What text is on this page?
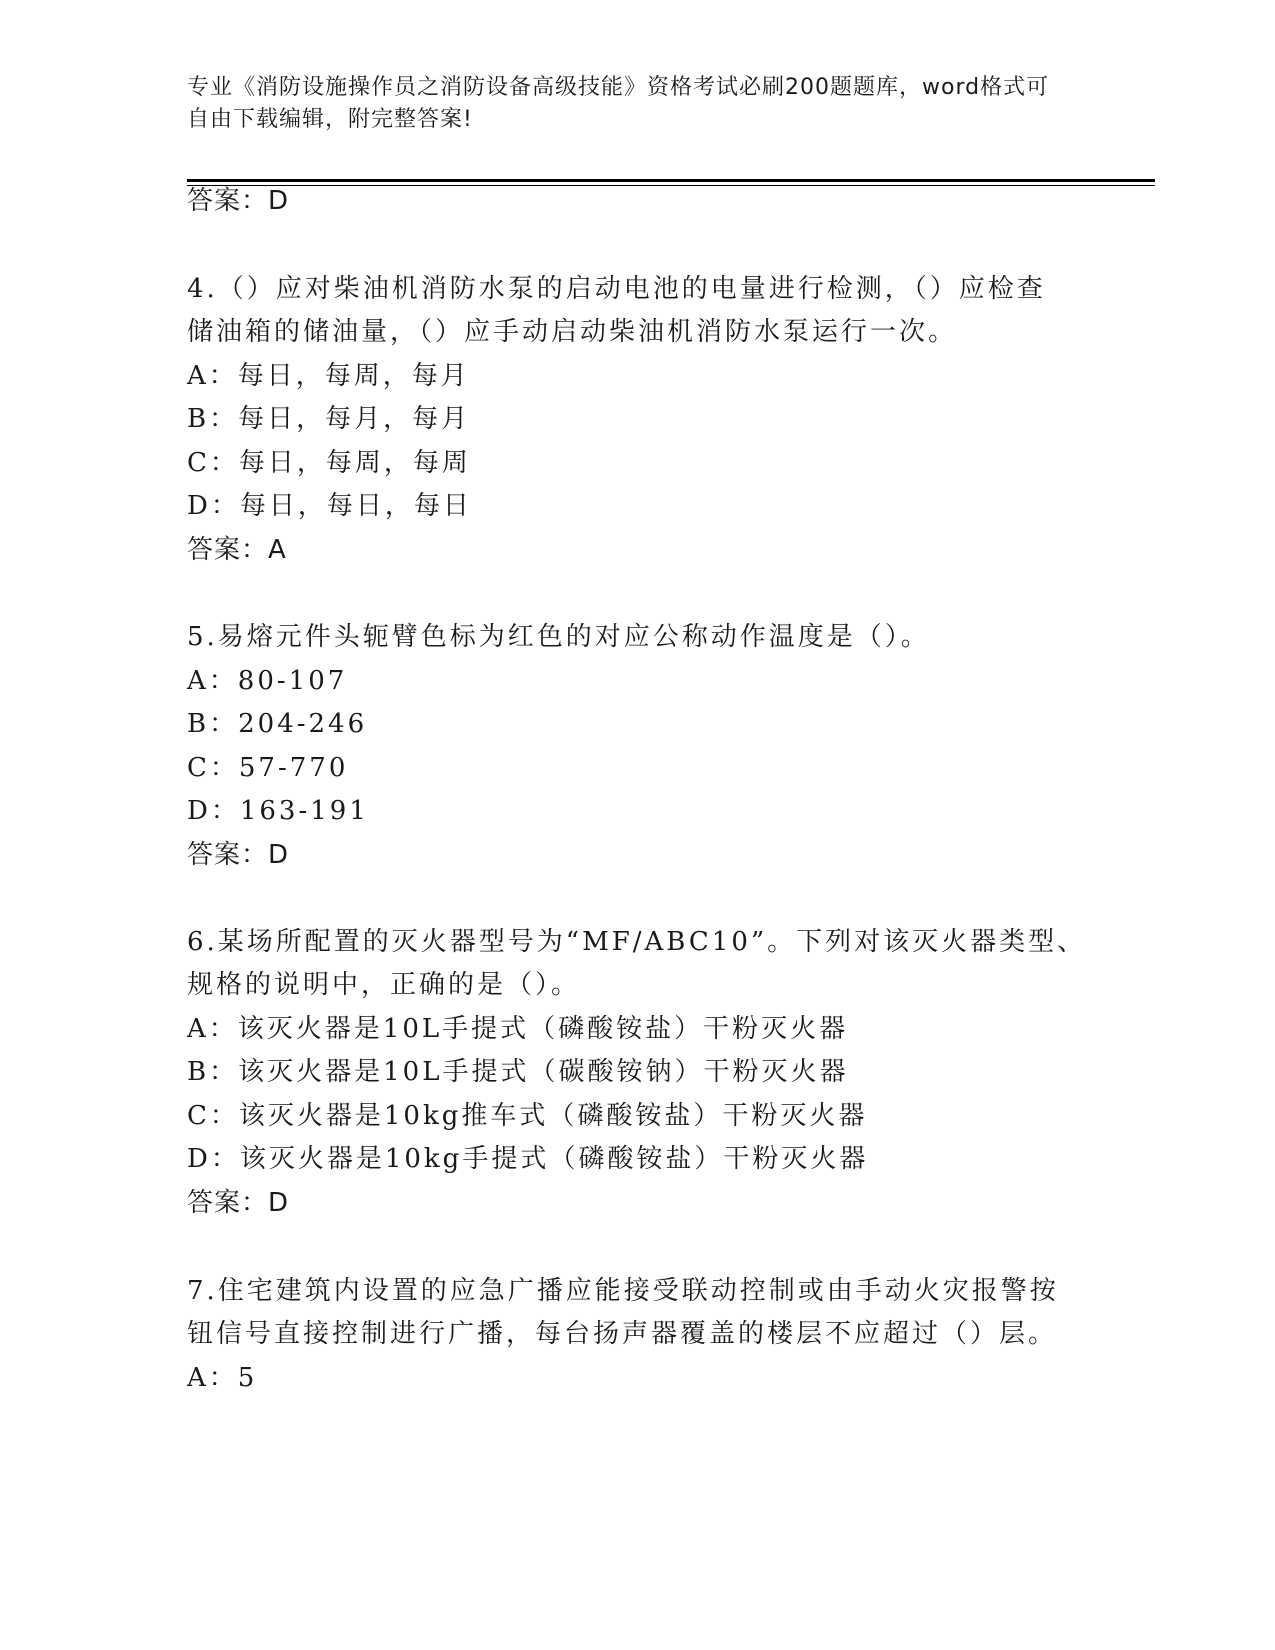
专业《消防设施操作员之消防设备高级技能》资格考试必刷200题题库，word格式可自由下载编辑，附完整答案!
答案：D
4.（）应对柴油机消防水泵的启动电池的电量进行检测，（）应检查
储油箱的储油量，（）应手动启动柴油机消防水泵运行一次。
A：每日，每周，每月
B：每日，每月，每月
C：每日，每周，每周
D：每日，每日，每日
答案：A
5.易熔元件头轭臂色标为红色的对应公称动作温度是（）。
A：80-107
B：204-246
C：57-770
D：163-191
答案：D
6.某场所配置的灭火器型号为“MF/ABC10”。下列对该灭火器类型、
规格的说明中，正确的是（）。
A：该灭火器是10L手提式（磷酸铵盐）干粉灭火器
B：该灭火器是10L手提式（碳酸铵钠）干粉灭火器
C：该灭火器是10kg推车式（磷酸铵盐）干粉灭火器
D：该灭火器是10kg手提式（磷酸铵盐）干粉灭火器
答案：D
7.住宅建筑内设置的应急广播应能接受联动控制或由手动火灾报警按
钮信号直接控制进行广播，每台扬声器覆盖的楼层不应超过（）层。
A：5
